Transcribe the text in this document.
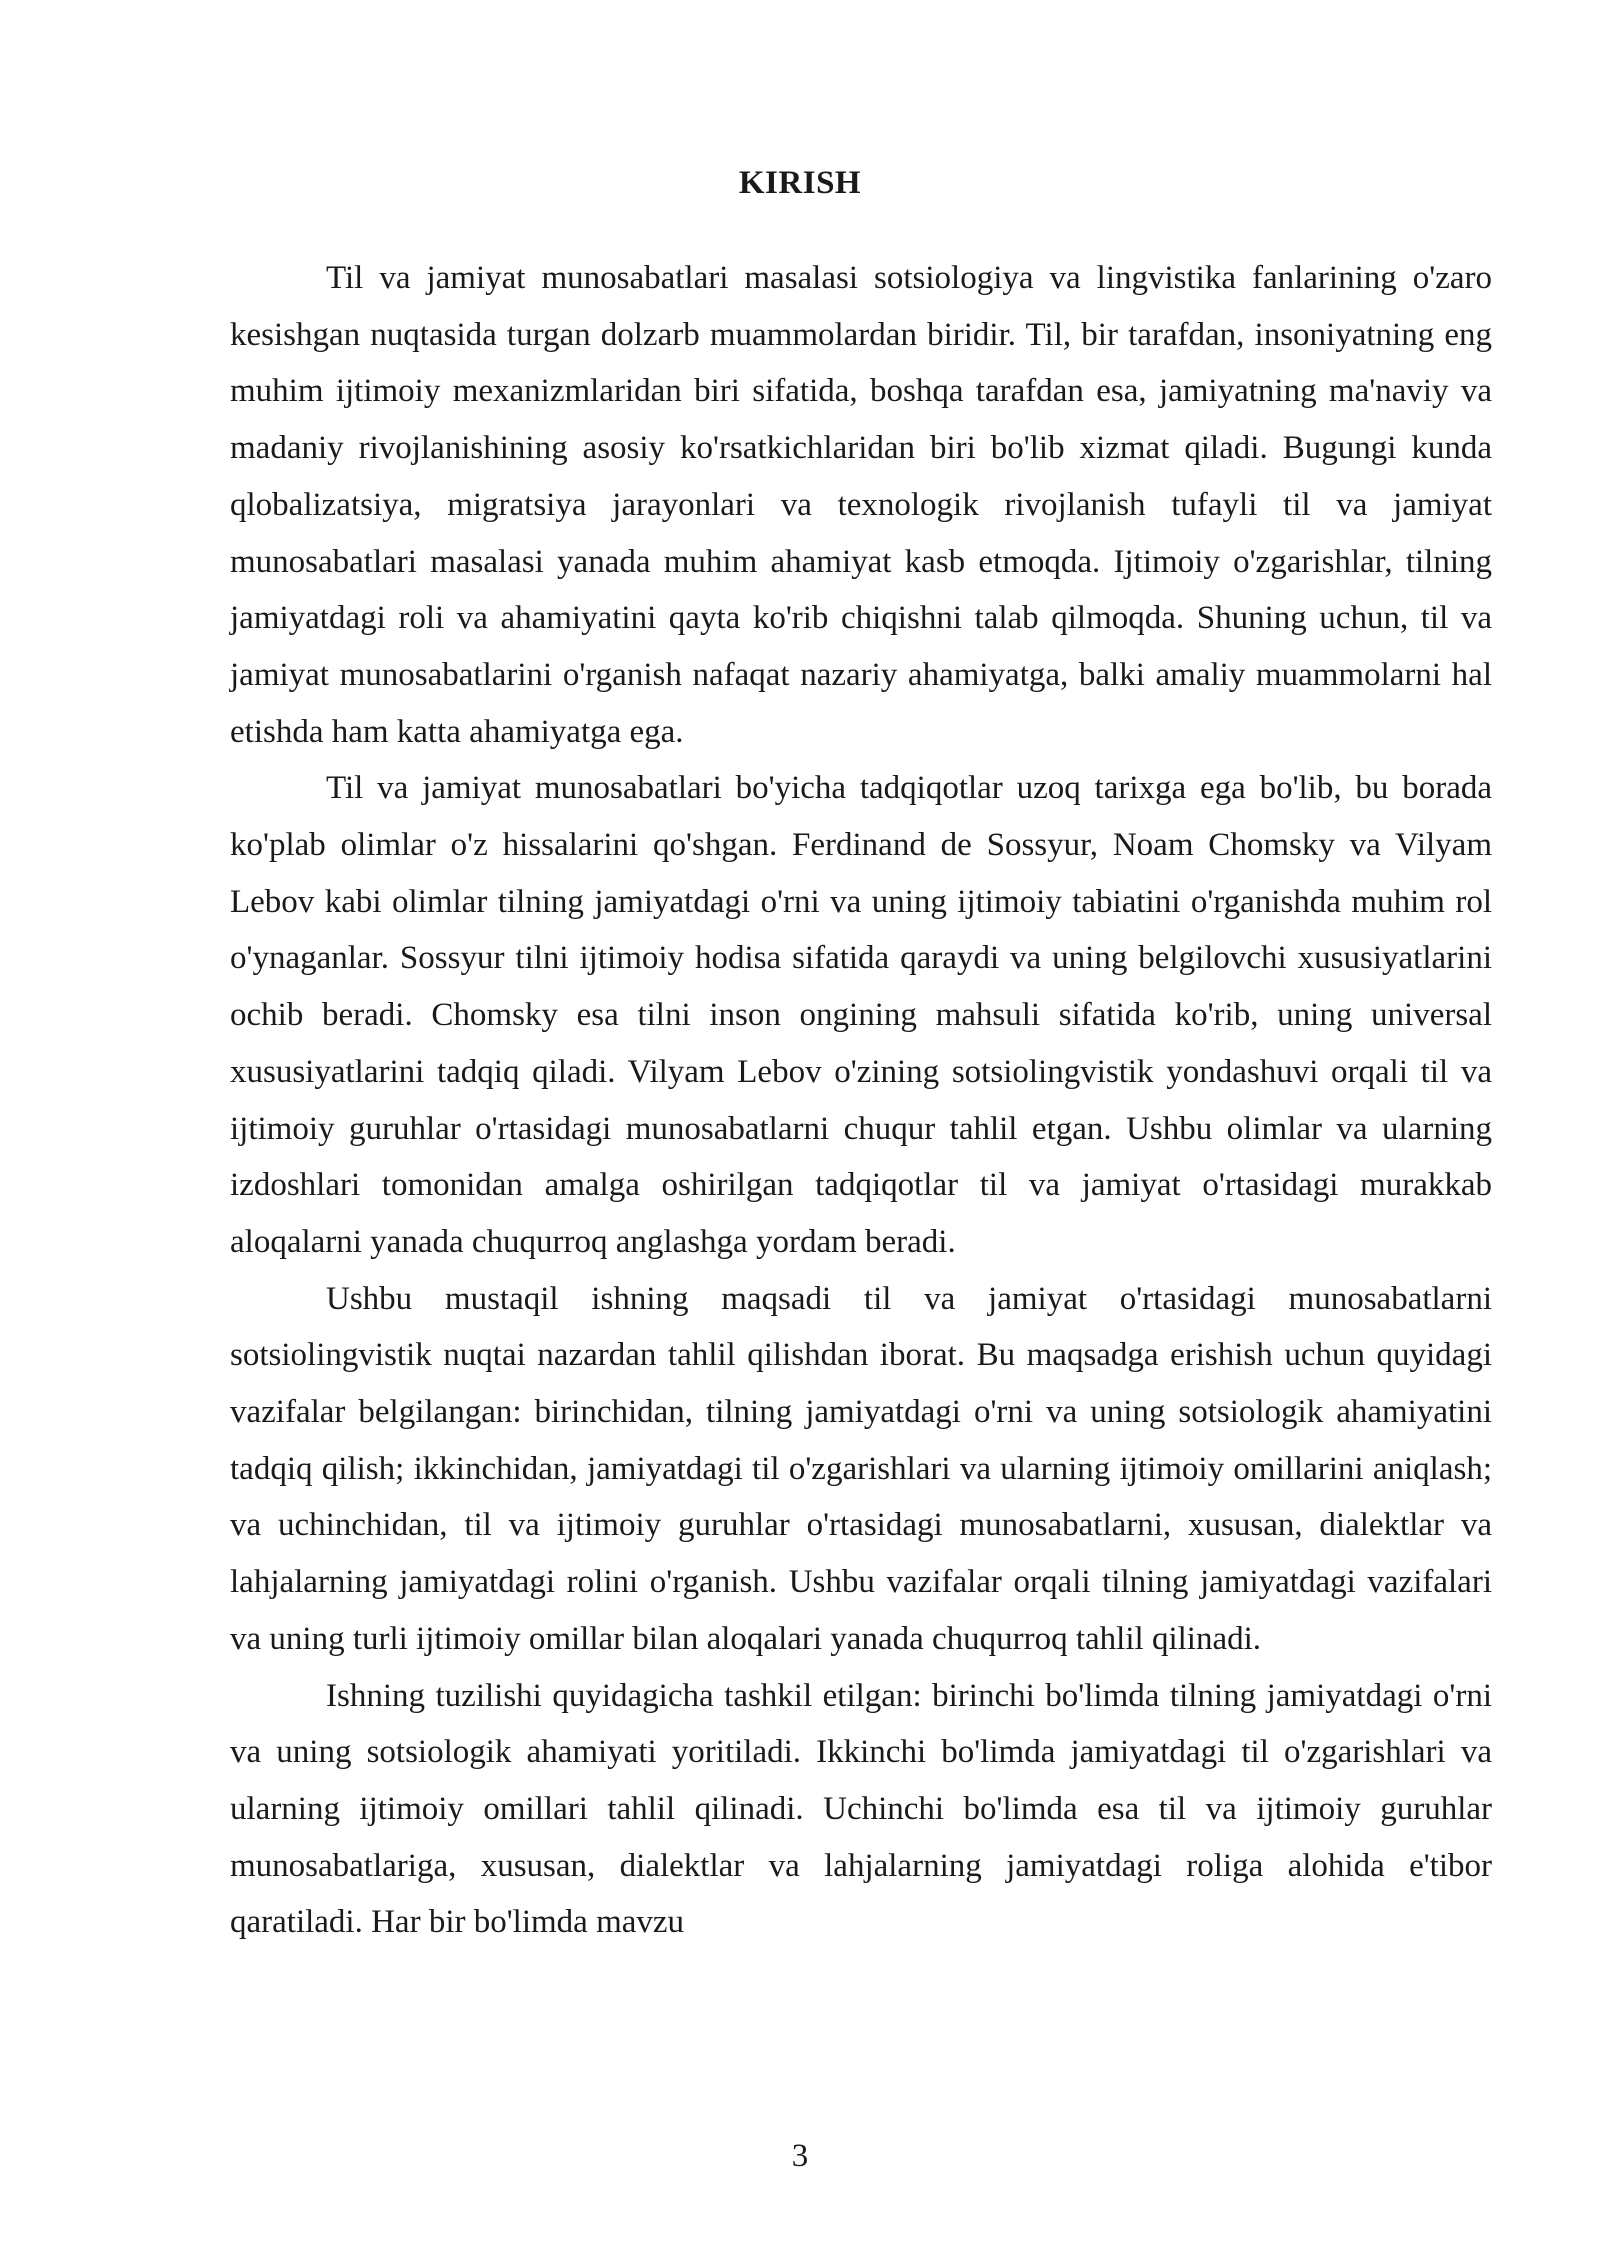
KIRISH

Til va jamiyat munosabatlari masalasi sotsiologiya va lingvistika fanlarining o'zaro kesishgan nuqtasida turgan dolzarb muammolardan biridir. Til, bir tarafdan, insoniyatning eng muhim ijtimoiy mexanizmlaridan biri sifatida, boshqa tarafdan esa, jamiyatning ma'naviy va madaniy rivojlanishining asosiy ko'rsatkichlaridan biri bo'lib xizmat qiladi. Bugungi kunda qlobalizatsiya, migratsiya jarayonlari va texnologik rivojlanish tufayli til va jamiyat munosabatlari masalasi yanada muhim ahamiyat kasb etmoqda. Ijtimoiy o'zgarishlar, tilning jamiyatdagi roli va ahamiyatini qayta ko'rib chiqishni talab qilmoqda. Shuning uchun, til va jamiyat munosabatlarini o'rganish nafaqat nazariy ahamiyatga, balki amaliy muammolarni hal etishda ham katta ahamiyatga ega.

Til va jamiyat munosabatlari bo'yicha tadqiqotlar uzoq tarixga ega bo'lib, bu borada ko'plab olimlar o'z hissalarini qo'shgan. Ferdinand de Sossyur, Noam Chomsky va Vilyam Lebov kabi olimlar tilning jamiyatdagi o'rni va uning ijtimoiy tabiatini o'rganishda muhim rol o'ynaganlar. Sossyur tilni ijtimoiy hodisa sifatida qaraydi va uning belgilovchi xususiyatlarini ochib beradi. Chomsky esa tilni inson ongining mahsuli sifatida ko'rib, uning universal xususiyatlarini tadqiq qiladi. Vilyam Lebov o'zining sotsiolingvistik yondashuvi orqali til va ijtimoiy guruhlar o'rtasidagi munosabatlarni chuqur tahlil etgan. Ushbu olimlar va ularning izdoshlari tomonidan amalga oshirilgan tadqiqotlar til va jamiyat o'rtasidagi murakkab aloqalarni yanada chuqurroq anglashga yordam beradi.

Ushbu mustaqil ishning maqsadi til va jamiyat o'rtasidagi munosabatlarni sotsiolingvistik nuqtai nazardan tahlil qilishdan iborat. Bu maqsadga erishish uchun quyidagi vazifalar belgilangan: birinchidan, tilning jamiyatdagi o'rni va uning sotsiologik ahamiyatini tadqiq qilish; ikkinchidan, jamiyatdagi til o'zgarishlari va ularning ijtimoiy omillarini aniqlash; va uchinchidan, til va ijtimoiy guruhlar o'rtasidagi munosabatlarni, xususan, dialektlar va lahjalarning jamiyatdagi rolini o'rganish. Ushbu vazifalar orqali tilning jamiyatdagi vazifalari va uning turli ijtimoiy omillar bilan aloqalari yanada chuqurroq tahlil qilinadi.

Ishning tuzilishi quyidagicha tashkil etilgan: birinchi bo'limda tilning jamiyatdagi o'rni va uning sotsiologik ahamiyati yoritiladi. Ikkinchi bo'limda jamiyatdagi til o'zgarishlari va ularning ijtimoiy omillari tahlil qilinadi. Uchinchi bo'limda esa til va ijtimoiy guruhlar munosabatlariga, xususan, dialektlar va lahjalarning jamiyatdagi roliga alohida e'tibor qaratiladi. Har bir bo'limda mavzu

3
